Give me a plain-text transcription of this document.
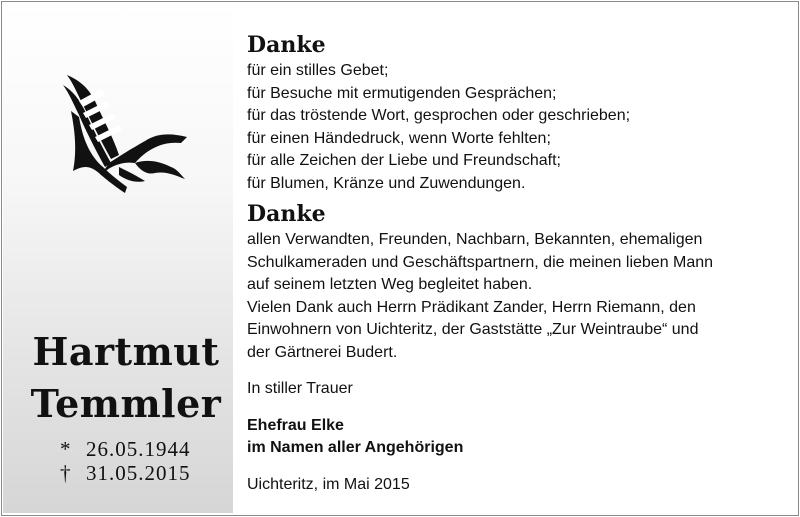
Hartmut
Temmler
* 26.05.1944
† 31.05.2015
Danke
für ein stilles Gebet;
für Besuche mit ermutigenden Gesprächen;
für das tröstende Wort, gesprochen oder geschrieben;
für einen Händedruck, wenn Worte fehlten;
für alle Zeichen der Liebe und Freundschaft;
für Blumen, Kränze und Zuwendungen.
Danke
allen Verwandten, Freunden, Nachbarn, Bekannten, ehemaligen
Schulkameraden und Geschäftspartnern, die meinen lieben Mann
auf seinem letzten Weg begleitet haben.
Vielen Dank auch Herrn Prädikant Zander, Herrn Riemann, den
Einwohnern von Uichteritz, der Gaststätte „Zur Weintraube“ und
der Gärtnerei Budert.
In stiller Trauer
Ehefrau Elke
im Namen aller Angehörigen
Uichteritz, im Mai 2015
